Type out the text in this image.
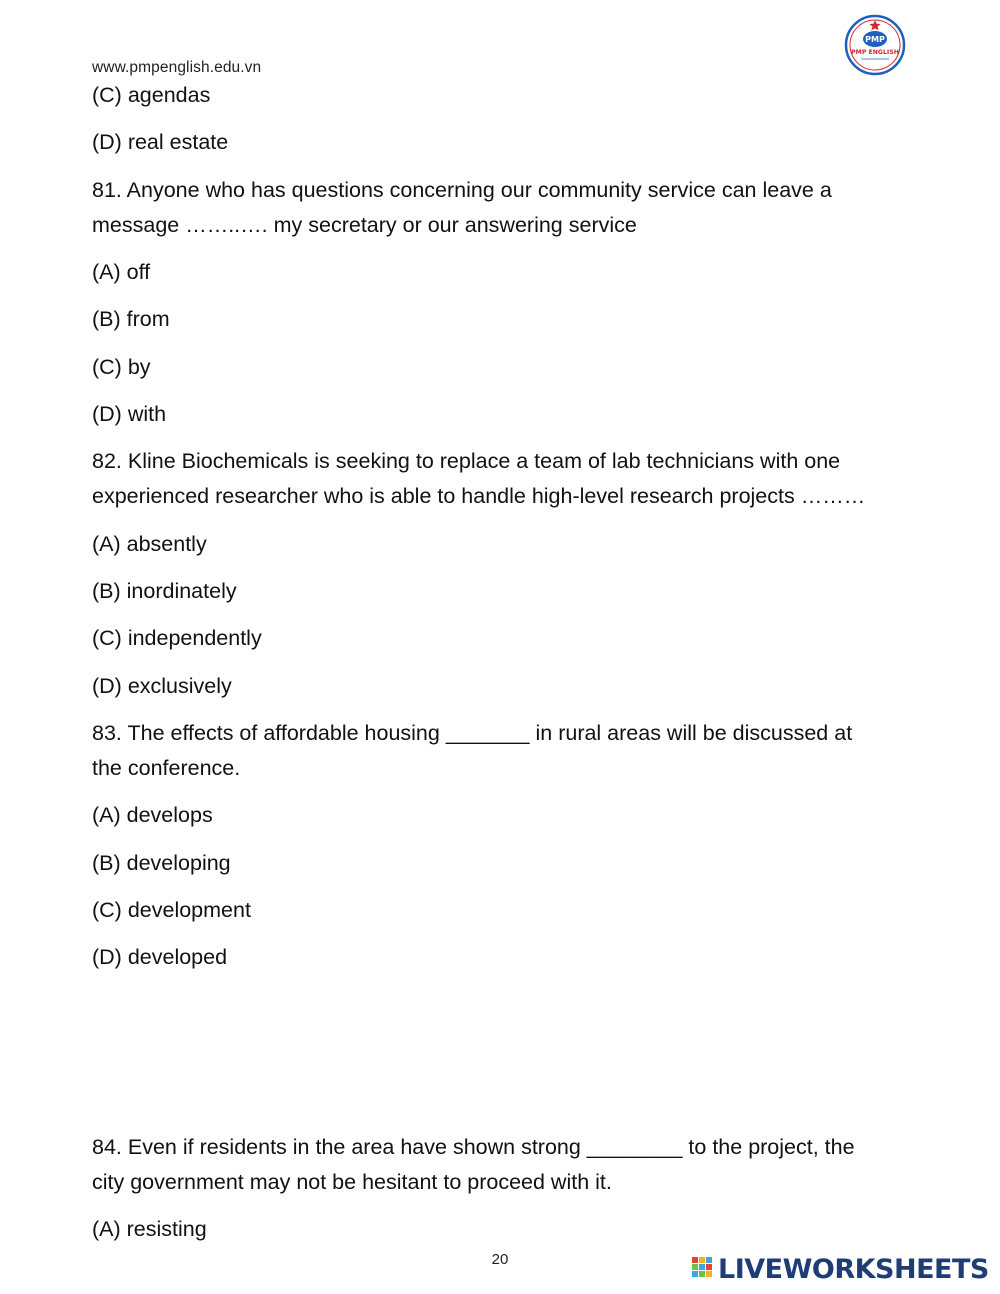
www.pmpenglish.edu.vn
PMP
PMP ENGLISH
(C) agendas
(D) real estate
81. Anyone who has questions concerning our community service can leave a
message ……..…. my secretary or our answering service
(A) off
(B) from
(C) by
(D) with
82. Kline Biochemicals is seeking to replace a team of lab technicians with one
experienced researcher who is able to handle high-level research projects ………
(A) absently
(B) inordinately
(C) independently
(D) exclusively
83. The effects of affordable housing _______ in rural areas will be discussed at
the conference.
(A) develops
(B) developing
(C) development
(D) developed
84. Even if residents in the area have shown strong ________ to the project, the
city government may not be hesitant to proceed with it.
(A) resisting
20	LIVEWORKSHEETS
